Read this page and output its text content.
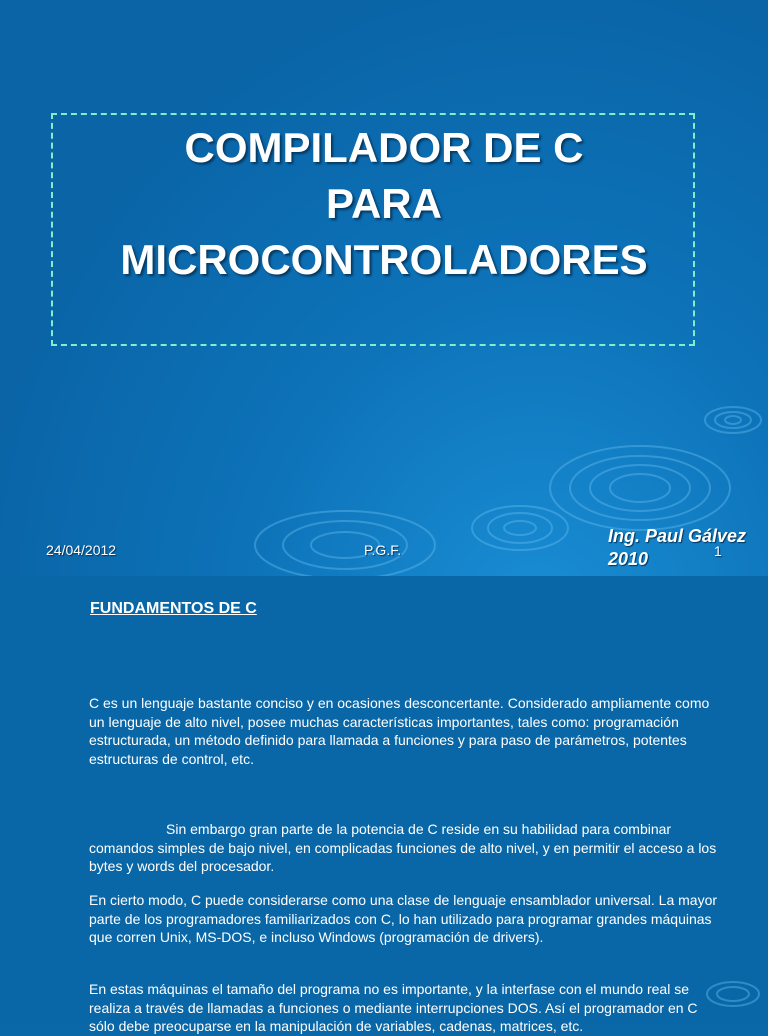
COMPILADOR DE C
PARA
MICROCONTROLADORES
24/04/2012	P.G.F.
Ing. Paul Gálvez
2010	1
FUNDAMENTOS DE C

C es un lenguaje bastante conciso y en ocasiones desconcertante. Considerado ampliamente como un lenguaje de alto nivel, posee muchas características importantes, tales como: programación estructurada, un método definido para llamada a funciones y para paso de parámetros, potentes estructuras de control, etc.

Sin embargo gran parte de la potencia de C reside en su habilidad para combinar comandos simples de bajo nivel, en complicadas funciones de alto nivel, y en permitir el acceso a los bytes y words del procesador.

En cierto modo, C puede considerarse como una clase de lenguaje ensamblador universal. La mayor parte de los programadores familiarizados con C, lo han utilizado para programar grandes máquinas que corren Unix, MS-DOS, e incluso Windows (programación de drivers).

En estas máquinas el tamaño del programa no es importante, y la interfase con el mundo real se realiza a través de llamadas a funciones o mediante interrupciones DOS. Así el programador en C sólo debe preocuparse en la manipulación de variables, cadenas, matrices, etc.
